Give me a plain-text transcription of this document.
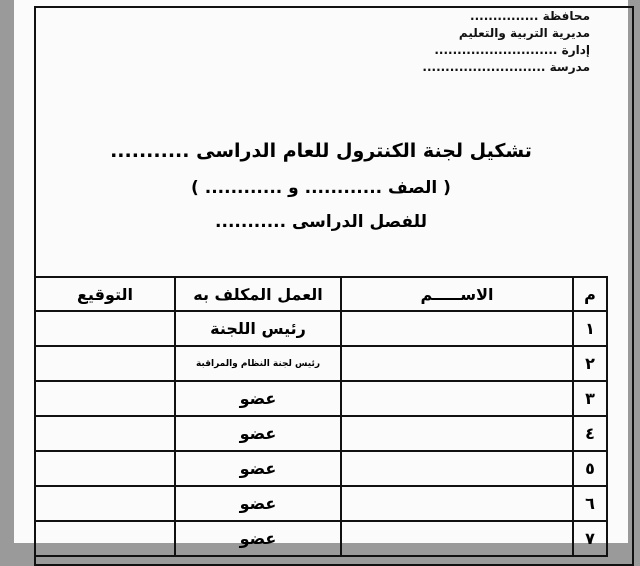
محافظة ...............
مديرية التربية والتعليم
إدارة ...........................
مدرسة ...........................
تشكيل لجنة الكنترول للعام الدراسى ...........
( الصف ............ و ............ )
للفصل الدراسى ...........
م	الاســـــم	العمل المكلف به	التوقيع
١		رئيس اللجنة	
٢		رئيس لجنة النظام والمراقبة	
٣		عضو	
٤		عضو	
٥		عضو	
٦		عضو	
٧		عضو	
